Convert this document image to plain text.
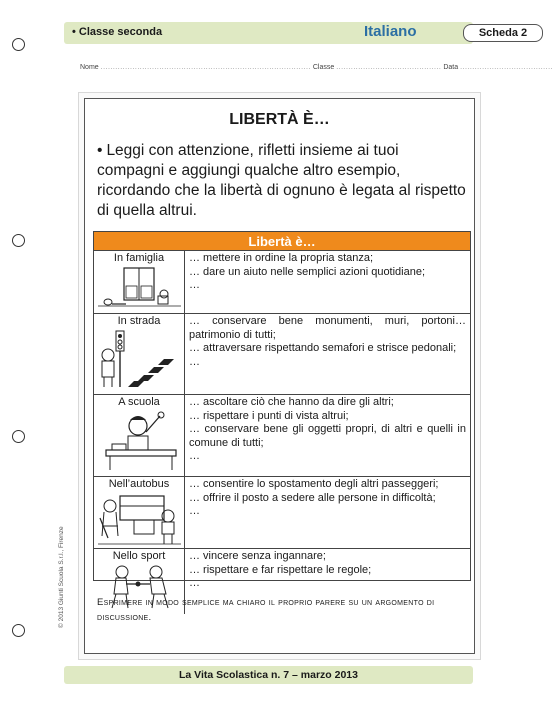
• Classe seconda	Italiano	Scheda 2
Nome ...................................................................................... Classe ........................................... Data ......................................
LIBERTÀ È…
• Leggi con attenzione, rifletti insieme ai tuoi compagni e aggiungi qualche altro esempio, ricordando che la libertà di ognuno è legata al rispetto di quella altrui.
Libertà è…
In famiglia	… mettere in ordine la propria stanza;
… dare un aiuto nelle semplici azioni quotidiane;
…
In strada	… conservare bene monumenti, muri, portoni… patrimonio di tutti;
… attraversare rispettando semafori e strisce pedonali;
…
A scuola	… ascoltare ciò che hanno da dire gli altri;
… rispettare i punti di vista altrui;
… conservare bene gli oggetti propri, di altri e quelli in comune di tutti;
…
Nell’autobus	… consentire lo spostamento degli altri passeggeri;
… offrire il posto a sedere alle persone in difficoltà;
…
Nello sport	… vincere senza ingannare;
… rispettare e far rispettare le regole;
…
Esprimere in modo semplice ma chiaro il proprio parere su un argomento di discussione.
© 2013 Giunti Scuola S.r.l., Firenze
La Vita Scolastica n. 7 – marzo 2013
